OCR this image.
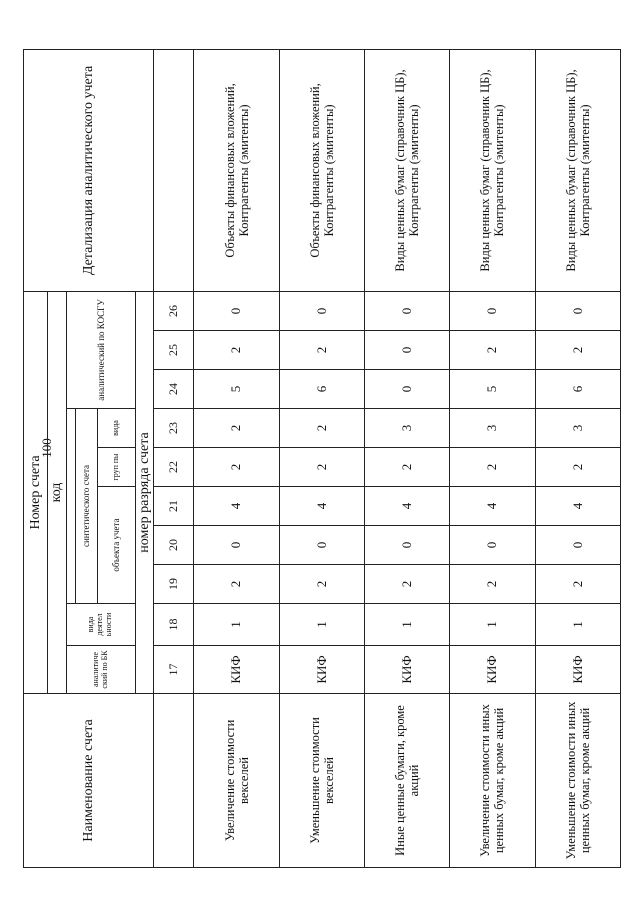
100
Наименование счета	Номер счета										Детализация аналитического учета
	код										
	аналитиче ский по БК	вида деятел ьности						аналитический по КОСГУ			
			синтетического счета								
			объекта учета			груп пы	вида				
	номер разряда счета										
	17	18	19	20	21	22	23	24	25	26	
Увеличение стоимости векселей	КИФ	1	2	0	4	2	2	5	2	0	Объекты финансовых вложений, Контрагенты (эмитенты)
Уменьшение стоимости векселей	КИФ	1	2	0	4	2	2	6	2	0	Объекты финансовых вложений, Контрагенты (эмитенты)
Иные ценные бумаги, кроме акций	КИФ	1	2	0	4	2	3	0	0	0	Виды ценных бумаг (справочник ЦБ), Контрагенты (эмитенты)
Увеличение стоимости иных ценных бумаг, кроме акций	КИФ	1	2	0	4	2	3	5	2	0	Виды ценных бумаг (справочник ЦБ), Контрагенты (эмитенты)
Уменьшение стоимости иных ценных бумаг, кроме акций	КИФ	1	2	0	4	2	3	6	2	0	Виды ценных бумаг (справочник ЦБ), Контрагенты (эмитенты)
